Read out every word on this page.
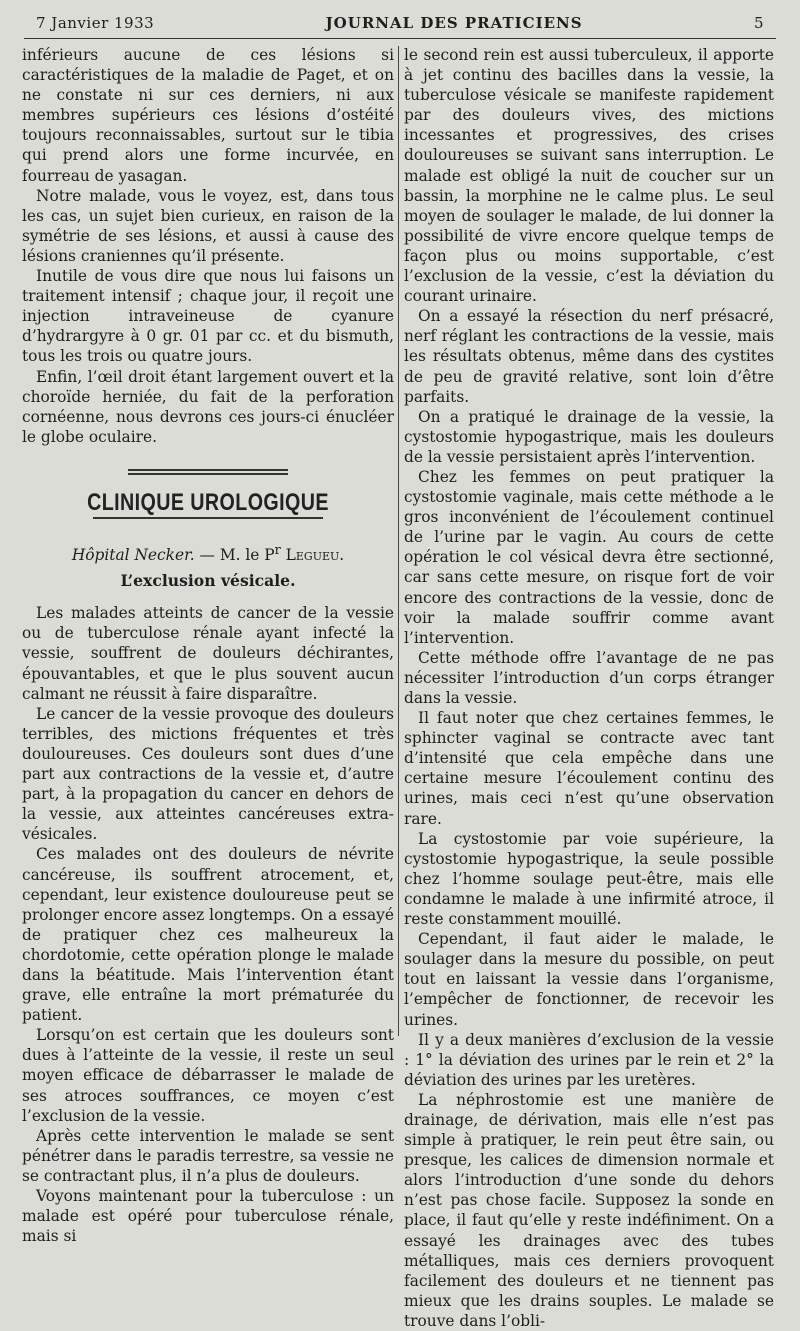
7 Janvier 1933	JOURNAL DES PRATICIENS	5

inférieurs aucune de ces lésions si caractéristiques de la maladie de Paget, et on ne constate ni sur ces derniers, ni aux membres supérieurs ces lésions d’ostéité toujours reconnaissables, surtout sur le tibia qui prend alors une forme incurvée, en fourreau de yasagan.

Notre malade, vous le voyez, est, dans tous les cas, un sujet bien curieux, en raison de la symétrie de ses lésions, et aussi à cause des lésions craniennes qu’il présente.

Inutile de vous dire que nous lui faisons un traitement intensif ; chaque jour, il reçoit une injection intraveineuse de cyanure d’hydrargyre à 0 gr. 01 par cc. et du bismuth, tous les trois ou quatre jours.

Enfin, l’œil droit étant largement ouvert et la choroïde herniée, du fait de la perforation cornéenne, nous devrons ces jours-ci énucléer le globe oculaire.

CLINIQUE UROLOGIQUE
Hôpital Necker. — M. le $P^r$ Legueu.
L’exclusion vésicale.

Les malades atteints de cancer de la vessie ou de tuberculose rénale ayant infecté la vessie, souffrent de douleurs déchirantes, épouvantables, et que le plus souvent aucun calmant ne réussit à faire disparaître.

Le cancer de la vessie provoque des douleurs terribles, des mictions fréquentes et très douloureuses. Ces douleurs sont dues d’une part aux contractions de la vessie et, d’autre part, à la propagation du cancer en dehors de la vessie, aux atteintes cancéreuses extra-vésicales.

Ces malades ont des douleurs de névrite cancéreuse, ils souffrent atrocement, et, cependant, leur existence douloureuse peut se prolonger encore assez longtemps. On a essayé de pratiquer chez ces malheureux la chordotomie, cette opération plonge le malade dans la béatitude. Mais l’intervention étant grave, elle entraîne la mort prématurée du patient.

Lorsqu’on est certain que les douleurs sont dues à l’atteinte de la vessie, il reste un seul moyen efficace de débarrasser le malade de ses atroces souffrances, ce moyen c’est l’exclusion de la vessie.

Après cette intervention le malade se sent pénétrer dans le paradis terrestre, sa vessie ne se contractant plus, il n’a plus de douleurs.

Voyons maintenant pour la tuberculose : un malade est opéré pour tuberculose rénale, mais si

le second rein est aussi tuberculeux, il apporte à jet continu des bacilles dans la vessie, la tuberculose vésicale se manifeste rapidement par des douleurs vives, des mictions incessantes et progressives, des crises douloureuses se suivant sans interruption. Le malade est obligé la nuit de coucher sur un bassin, la morphine ne le calme plus. Le seul moyen de soulager le malade, de lui donner la possibilité de vivre encore quelque temps de façon plus ou moins supportable, c’est l’exclusion de la vessie, c’est la déviation du courant urinaire.

On a essayé la résection du nerf présacré, nerf réglant les contractions de la vessie, mais les résultats obtenus, même dans des cystites de peu de gravité relative, sont loin d’être parfaits.

On a pratiqué le drainage de la vessie, la cystostomie hypogastrique, mais les douleurs de la vessie persistaient après l’intervention.

Chez les femmes on peut pratiquer la cystostomie vaginale, mais cette méthode a le gros inconvénient de l’écoulement continuel de l’urine par le vagin. Au cours de cette opération le col vésical devra être sectionné, car sans cette mesure, on risque fort de voir encore des contractions de la vessie, donc de voir la malade souffrir comme avant l’intervention.

Cette méthode offre l’avantage de ne pas nécessiter l’introduction d’un corps étranger dans la vessie.

Il faut noter que chez certaines femmes, le sphincter vaginal se contracte avec tant d’intensité que cela empêche dans une certaine mesure l’écoulement continu des urines, mais ceci n’est qu’une observation rare.

La cystostomie par voie supérieure, la cystostomie hypogastrique, la seule possible chez l’homme soulage peut-être, mais elle condamne le malade à une infirmité atroce, il reste constamment mouillé.

Cependant, il faut aider le malade, le soulager dans la mesure du possible, on peut tout en laissant la vessie dans l’organisme, l’empêcher de fonctionner, de recevoir les urines.

Il y a deux manières d’exclusion de la vessie : 1° la déviation des urines par le rein et 2° la déviation des urines par les uretères.

La néphrostomie est une manière de drainage, de dérivation, mais elle n’est pas simple à pratiquer, le rein peut être sain, ou presque, les calices de dimension normale et alors l’introduction d’une sonde du dehors n’est pas chose facile. Supposez la sonde en place, il faut qu’elle y reste indéfiniment. On a essayé les drainages avec des tubes métalliques, mais ces derniers provoquent facilement des douleurs et ne tiennent pas mieux que les drains souples. Le malade se trouve dans l’obli-
